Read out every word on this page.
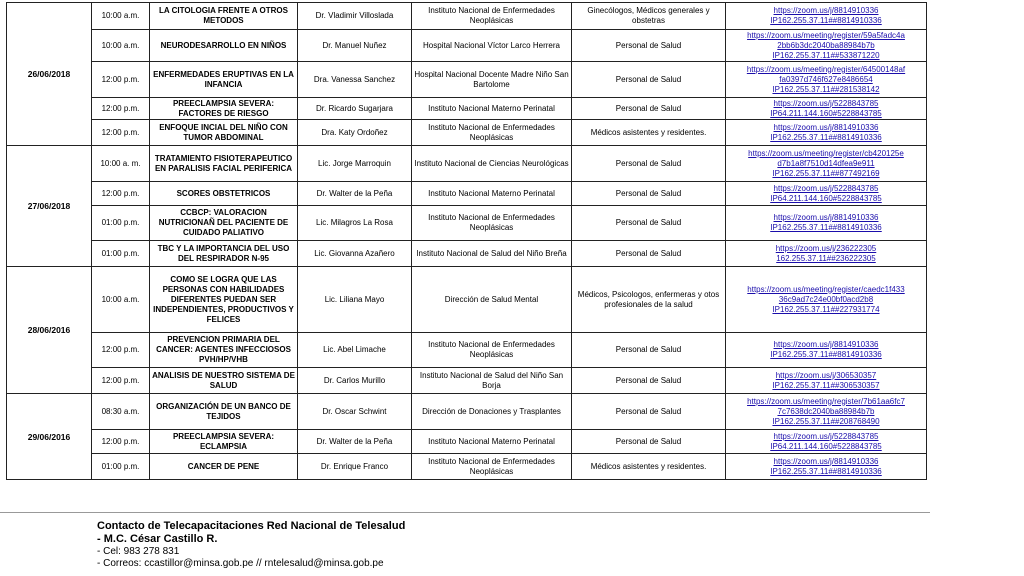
26/06/2018	10:00 a.m.	LA CITOLOGIA FRENTE A OTROS METODOS	Dr. Vladimir Villoslada	Instituto Nacional de Enfermedades Neoplásicas	Ginecólogos, Médicos generales y obstetras	https://zoom.us/j/8814910336
IP162.255.37.11##8814910336

	10:00 a.m.	NEURODESARROLLO EN NIÑOS	Dr. Manuel Nuñez	Hospital Nacional Víctor Larco Herrera	Personal de Salud	https://zoom.us/meeting/register/59a5fadc4a
2bb6b3dc2040ba88984b7b
IP162.255.37.11##533871220

	12:00 p.m.	ENFERMEDADES ERUPTIVAS EN LA INFANCIA	Dra. Vanessa Sanchez	Hospital Nacional Docente Madre Niño San Bartolome	Personal de Salud	https://zoom.us/meeting/register/64500148af
fa0397d746f627e8486654
IP162.255.37.11##281538142

	12:00 p.m.	PREECLAMPSIA SEVERA: FACTORES DE RIESGO	Dr. Ricardo Sugarjara	Instituto Nacional Materno Perinatal	Personal de Salud	https://zoom.us/j/5228843785
IP64.211.144.160#5228843785

	12:00 p.m.	ENFOQUE INCIAL DEL NIÑO CON TUMOR ABDOMINAL	Dra. Katy Ordoñez	Instituto Nacional de Enfermedades Neoplásicas	Médicos asistentes y residentes.	https://zoom.us/j/8814910336
IP162.255.37.11##8814910336

27/06/2018	10:00 a. m.	TRATAMIENTO FISIOTERAPEUTICO EN PARALISIS FACIAL PERIFERICA	Lic. Jorge Marroquin	Instituto Nacional de Ciencias Neurológicas	Personal de Salud	https://zoom.us/meeting/register/cb420125e
d7b1a8f7510d14dfea9e911
IP162.255.37.11##877492169

	12:00 p.m.	SCORES OBSTETRICOS	Dr. Walter de la Peña	Instituto Nacional Materno Perinatal	Personal de Salud	https://zoom.us/j/5228843785
IP64.211.144.160#5228843785

	01:00 p.m.	CCBCP: VALORACION NUTRICIONAÑ DEL PACIENTE DE CUIDADO PALIATIVO	Lic. Milagros La Rosa	Instituto Nacional de Enfermedades Neoplásicas	Personal de Salud	https://zoom.us/j/8814910336
IP162.255.37.11##8814910336

	01:00 p.m.	TBC Y LA IMPORTANCIA DEL USO DEL RESPIRADOR N-95	Lic. Giovanna Azañero	Instituto Nacional de Salud del Niño Breña	Personal de Salud	https://zoom.us/j/236222305
162.255.37.11##236222305

28/06/2016	10:00 a.m.	COMO SE LOGRA QUE LAS PERSONAS CON HABILIDADES DIFERENTES PUEDAN SER INDEPENDIENTES, PRODUCTIVOS Y FELICES	Lic. Liliana Mayo	Dirección de Salud Mental	Médicos, Psicologos, enfermeras y otos profesionales de la salud	https://zoom.us/meeting/register/caedc1f433
36c9ad7c24e00bf0acd2b8
IP162.255.37.11##227931774

	12:00 p.m.	PREVENCION PRIMARIA DEL CANCER: AGENTES INFECCIOSOS PVH/HP/VHB	Lic. Abel Limache	Instituto Nacional de Enfermedades Neoplásicas	Personal de Salud	https://zoom.us/j/8814910336
IP162.255.37.11##8814910336

	12:00 p.m.	ANALISIS DE NUESTRO SISTEMA DE SALUD	Dr. Carlos Murillo	Instituto Nacional de Salud del Niño San Borja	Personal de Salud	https://zoom.us/j/306530357
IP162.255.37.11##306530357

29/06/2016	08:30 a.m.	ORGANIZACIÓN DE UN BANCO DE TEJIDOS	Dr. Oscar Schwint	Dirección de Donaciones y Trasplantes	Personal de Salud	https://zoom.us/meeting/register/7b61aa6fc7
7c7638dc2040ba88984b7b
IP162.255.37.11##208768490

	12:00 p.m.	PREECLAMPSIA SEVERA: ECLAMPSIA	Dr. Walter de la Peña	Instituto Nacional Materno Perinatal	Personal de Salud	https://zoom.us/j/5228843785
IP64.211.144.160#5228843785

	01:00 p.m.	CANCER DE PENE	Dr. Enrique Franco	Instituto Nacional de Enfermedades Neoplásicas	Médicos asistentes y residentes.	https://zoom.us/j/8814910336
IP162.255.37.11##8814910336
Contacto de Telecapacitaciones Red Nacional de Telesalud
- M.C. César Castillo R.
- Cel: 983 278 831
- Correos: ccastillor@minsa.gob.pe // rntelesalud@minsa.gob.pe
